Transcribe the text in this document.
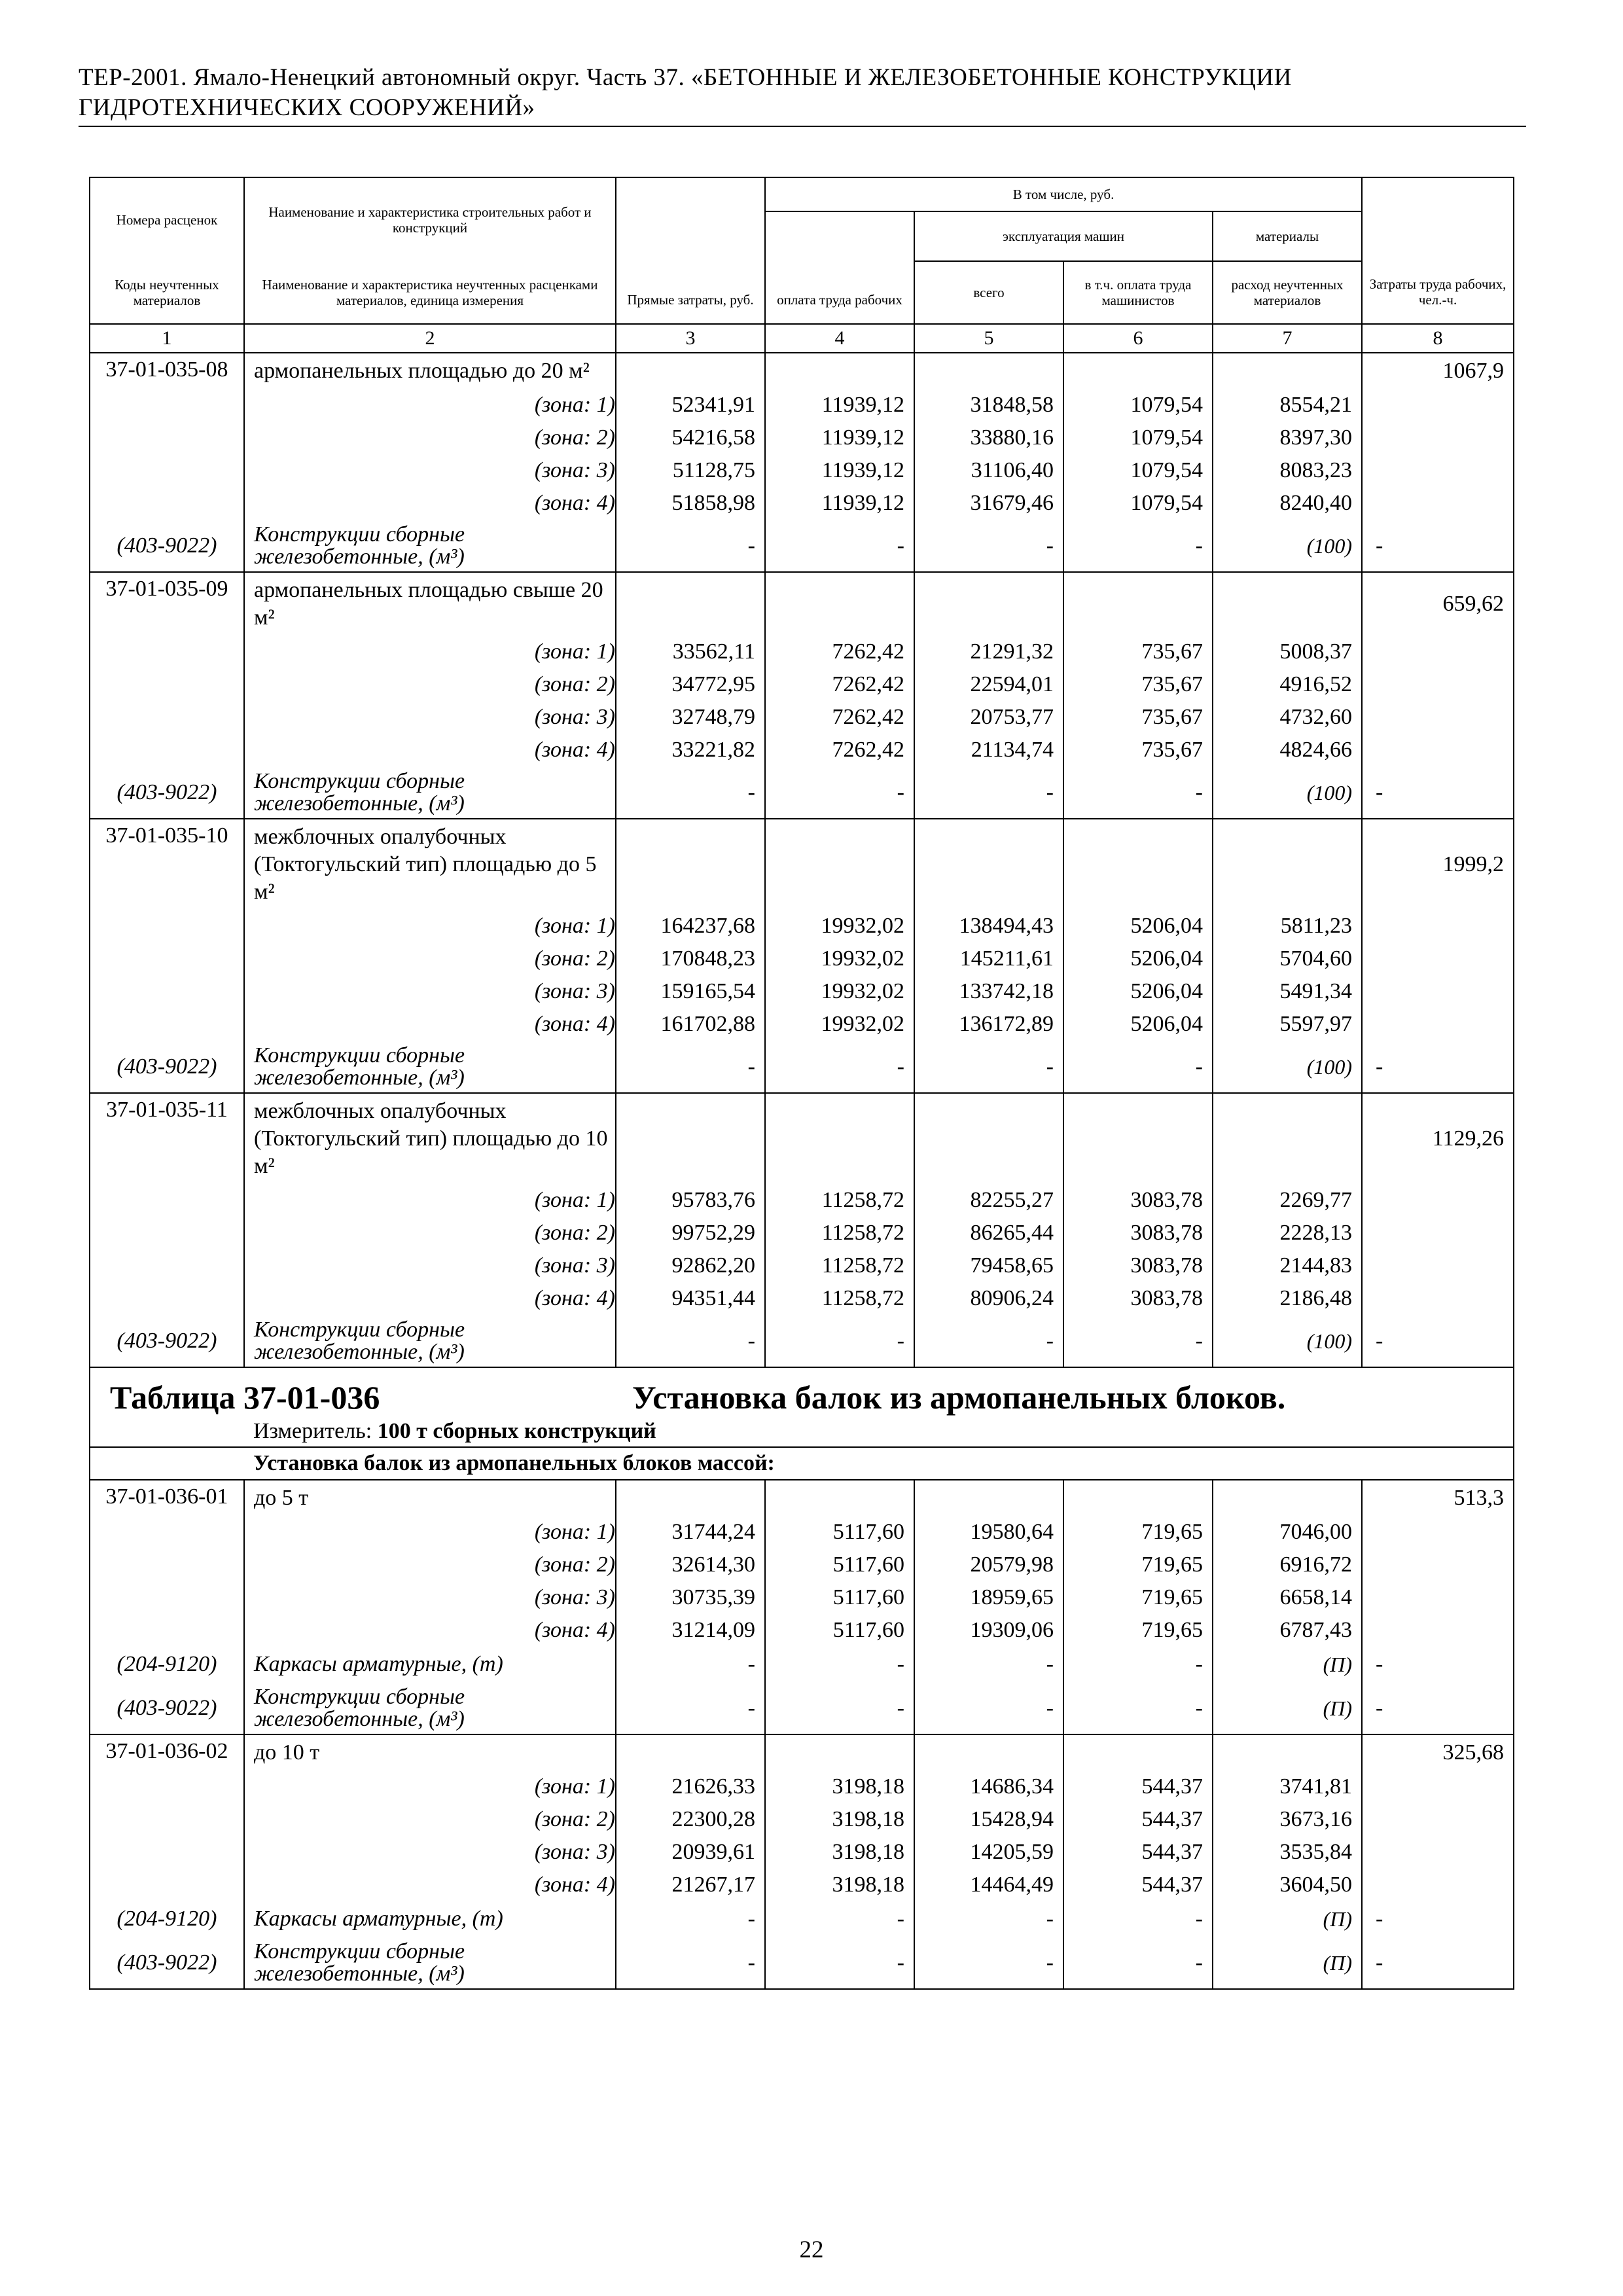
ТЕР-2001. Ямало-Ненецкий автономный округ. Часть 37. «БЕТОННЫЕ И ЖЕЛЕЗОБЕТОННЫЕ КОНСТРУКЦИИ
ГИДРОТЕХНИЧЕСКИХ СООРУЖЕНИЙ»
Номера расценок	Наименование и характеристика строительных работ и конструкций	Прямые затраты, руб.	В том числе, руб.				Затраты труда рабочих, чел.-ч.
			оплата труда рабочих	эксплуатация машин		материалы	
Коды неучтенных материалов	Наименование и характеристика неучтенных расценками материалов, единица измерения			всего	в т.ч. оплата труда машинистов	расход неучтенных материалов	
1	2	3	4	5	6	7	8
37-01-035-08	армопанельных площадью до 20 м²						1067,9
	(зона: 1)	52341,91	11939,12	31848,58	1079,54	8554,21	
	(зона: 2)	54216,58	11939,12	33880,16	1079,54	8397,30	
	(зона: 3)	51128,75	11939,12	31106,40	1079,54	8083,23	
	(зона: 4)	51858,98	11939,12	31679,46	1079,54	8240,40	
(403-9022)	Конструкции сборные железобетонные, (м³)	-	-	-	-	(100)	-
37-01-035-09	армопанельных площадью свыше 20 м²						659,62
	(зона: 1)	33562,11	7262,42	21291,32	735,67	5008,37	
	(зона: 2)	34772,95	7262,42	22594,01	735,67	4916,52	
	(зона: 3)	32748,79	7262,42	20753,77	735,67	4732,60	
	(зона: 4)	33221,82	7262,42	21134,74	735,67	4824,66	
(403-9022)	Конструкции сборные железобетонные, (м³)	-	-	-	-	(100)	-
37-01-035-10	межблочных опалубочных (Токтогульский тип) площадью до 5 м²						1999,2
	(зона: 1)	164237,68	19932,02	138494,43	5206,04	5811,23	
	(зона: 2)	170848,23	19932,02	145211,61	5206,04	5704,60	
	(зона: 3)	159165,54	19932,02	133742,18	5206,04	5491,34	
	(зона: 4)	161702,88	19932,02	136172,89	5206,04	5597,97	
(403-9022)	Конструкции сборные железобетонные, (м³)	-	-	-	-	(100)	-
37-01-035-11	межблочных опалубочных (Токтогульский тип) площадью до 10 м²						1129,26
	(зона: 1)	95783,76	11258,72	82255,27	3083,78	2269,77	
	(зона: 2)	99752,29	11258,72	86265,44	3083,78	2228,13	
	(зона: 3)	92862,20	11258,72	79458,65	3083,78	2144,83	
	(зона: 4)	94351,44	11258,72	80906,24	3083,78	2186,48	
(403-9022)	Конструкции сборные железобетонные, (м³)	-	-	-	-	(100)	-
Таблица 37-01-036 Установка балок из армопанельных блоков.							
	Измеритель: 100 т сборных конструкций						
	Установка балок из армопанельных блоков массой:						
37-01-036-01	до 5 т						513,3
	(зона: 1)	31744,24	5117,60	19580,64	719,65	7046,00	
	(зона: 2)	32614,30	5117,60	20579,98	719,65	6916,72	
	(зона: 3)	30735,39	5117,60	18959,65	719,65	6658,14	
	(зона: 4)	31214,09	5117,60	19309,06	719,65	6787,43	
(204-9120)	Каркасы арматурные, (т)	-	-	-	-	(П)	-
(403-9022)	Конструкции сборные железобетонные, (м³)	-	-	-	-	(П)	-
37-01-036-02	до 10 т						325,68
	(зона: 1)	21626,33	3198,18	14686,34	544,37	3741,81	
	(зона: 2)	22300,28	3198,18	15428,94	544,37	3673,16	
	(зона: 3)	20939,61	3198,18	14205,59	544,37	3535,84	
	(зона: 4)	21267,17	3198,18	14464,49	544,37	3604,50	
(204-9120)	Каркасы арматурные, (т)	-	-	-	-	(П)	-
(403-9022)	Конструкции сборные железобетонные, (м³)	-	-	-	-	(П)	-
22
